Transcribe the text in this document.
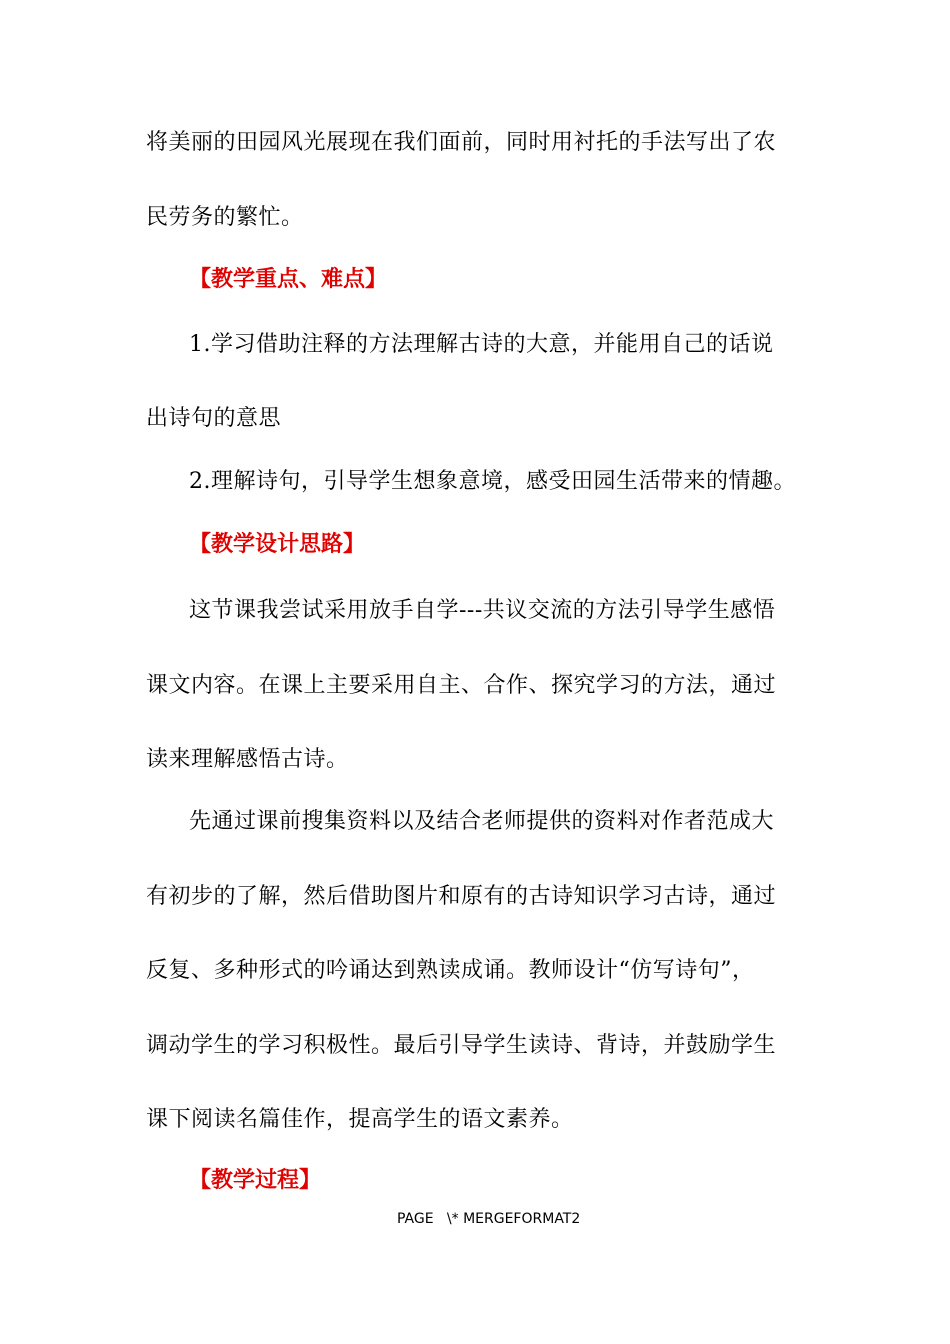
将美丽的田园风光展现在我们面前，同时用衬托的手法写出了农
民劳务的繁忙。
【教学重点、难点】
1.学习借助注释的方法理解古诗的大意，并能用自己的话说
出诗句的意思
2.理解诗句，引导学生想象意境，感受田园生活带来的情趣。
【教学设计思路】
这节课我尝试采用放手自学---共议交流的方法引导学生感悟
课文内容。在课上主要采用自主、合作、探究学习的方法，通过
读来理解感悟古诗。
先通过课前搜集资料以及结合老师提供的资料对作者范成大
有初步的了解，然后借助图片和原有的古诗知识学习古诗，通过
反复、多种形式的吟诵达到熟读成诵。教师设计“仿写诗句”，
调动学生的学习积极性。最后引导学生读诗、背诗，并鼓励学生
课下阅读名篇佳作，提高学生的语文素养。
【教学过程】
PAGE   \* MERGEFORMAT2
